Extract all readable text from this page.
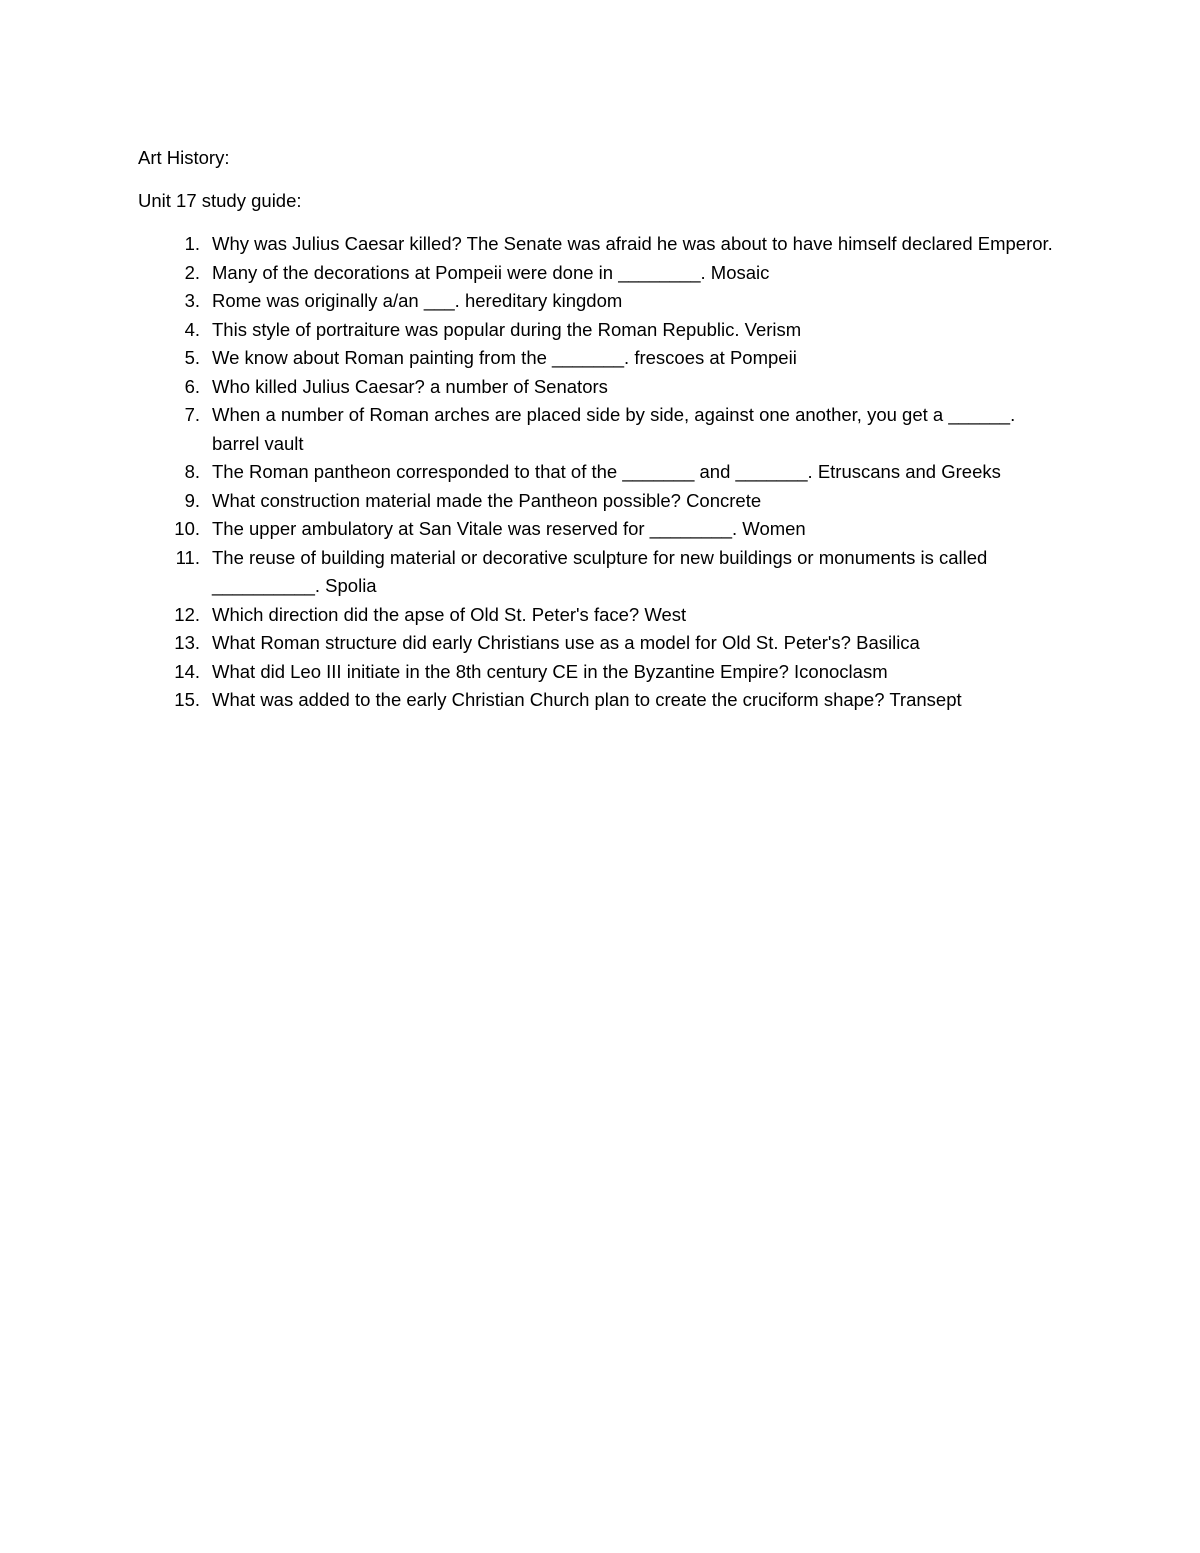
Art History:
Unit 17 study guide:
1. Why was Julius Caesar killed? The Senate was afraid he was about to have himself declared Emperor.
2. Many of the decorations at Pompeii were done in ________. Mosaic
3. Rome was originally a/an ___. hereditary kingdom
4. This style of portraiture was popular during the Roman Republic. Verism
5. We know about Roman painting from the _______. frescoes at Pompeii
6. Who killed Julius Caesar? a number of Senators
7. When a number of Roman arches are placed side by side, against one another, you get a ______. barrel vault
8. The Roman pantheon corresponded to that of the _______ and _______. Etruscans and Greeks
9. What construction material made the Pantheon possible? Concrete
10. The upper ambulatory at San Vitale was reserved for ________. Women
11. The reuse of building material or decorative sculpture for new buildings or monuments is called __________. Spolia
12. Which direction did the apse of Old St. Peter's face? West
13. What Roman structure did early Christians use as a model for Old St. Peter's? Basilica
14. What did Leo III initiate in the 8th century CE in the Byzantine Empire? Iconoclasm
15. What was added to the early Christian Church plan to create the cruciform shape? Transept
